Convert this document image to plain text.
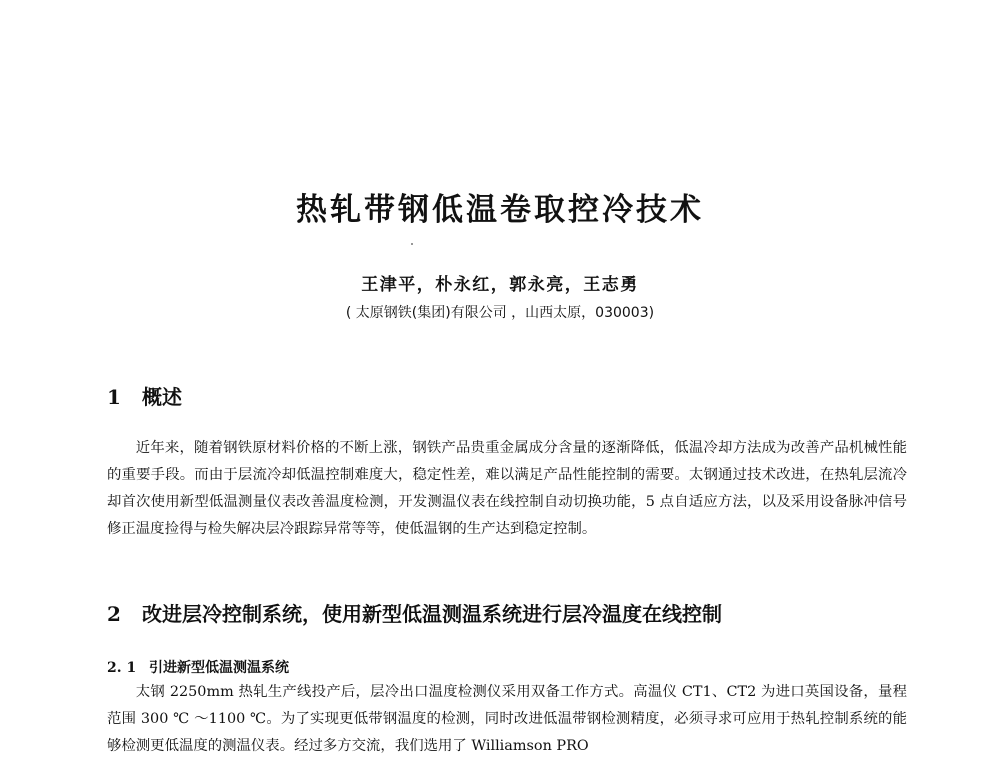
热轧带钢低温卷取控冷技术
王津平，朴永红，郭永亮，王志勇
( 太原钢铁(集团)有限公司 ，山西太原，030003)
1 概述
近年来，随着钢铁原材料价格的不断上涨，钢铁产品贵重金属成分含量的逐渐降低，低温冷却方法成为改善产品机械性能的重要手段。而由于层流冷却低温控制难度大，稳定性差，难以满足产品性能控制的需要。太钢通过技术改进，在热轧层流冷却首次使用新型低温测量仪表改善温度检测，开发测温仪表在线控制自动切换功能，5 点自适应方法，以及采用设备脉冲信号修正温度捡得与检失解决层冷跟踪异常等等，使低温钢的生产达到稳定控制。
2 改进层冷控制系统，使用新型低温测温系统进行层冷温度在线控制
2. 1 引进新型低温测温系统
太钢 2250mm 热轧生产线投产后，层冷出口温度检测仪采用双备工作方式。高温仪 CT1、CT2 为进口英国设备，量程范围 300 ℃ ～1100 ℃。为了实现更低带钢温度的检测，同时改进低温带钢检测精度，必须寻求可应用于热轧控制系统的能够检测更低温度的测温仪表。经过多方交流，我们选用了 Williamson PRO
